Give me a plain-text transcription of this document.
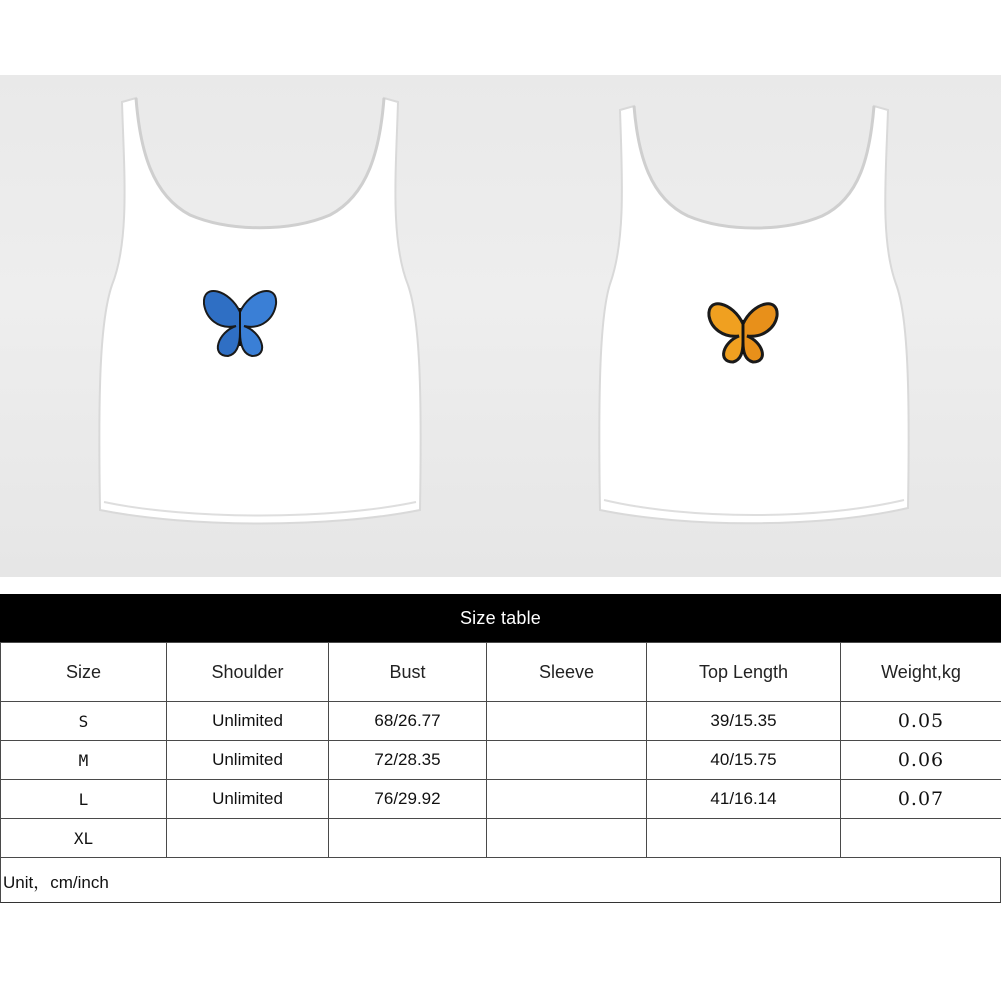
Size table
Size	Shoulder	Bust	Sleeve	Top Length	Weight,kg
S	Unlimited	68/26.77		39/15.35	0.05
M	Unlimited	72/28.35		40/15.75	0.06
L	Unlimited	76/29.92		41/16.14	0.07
XL					
Unit，cm/inch
